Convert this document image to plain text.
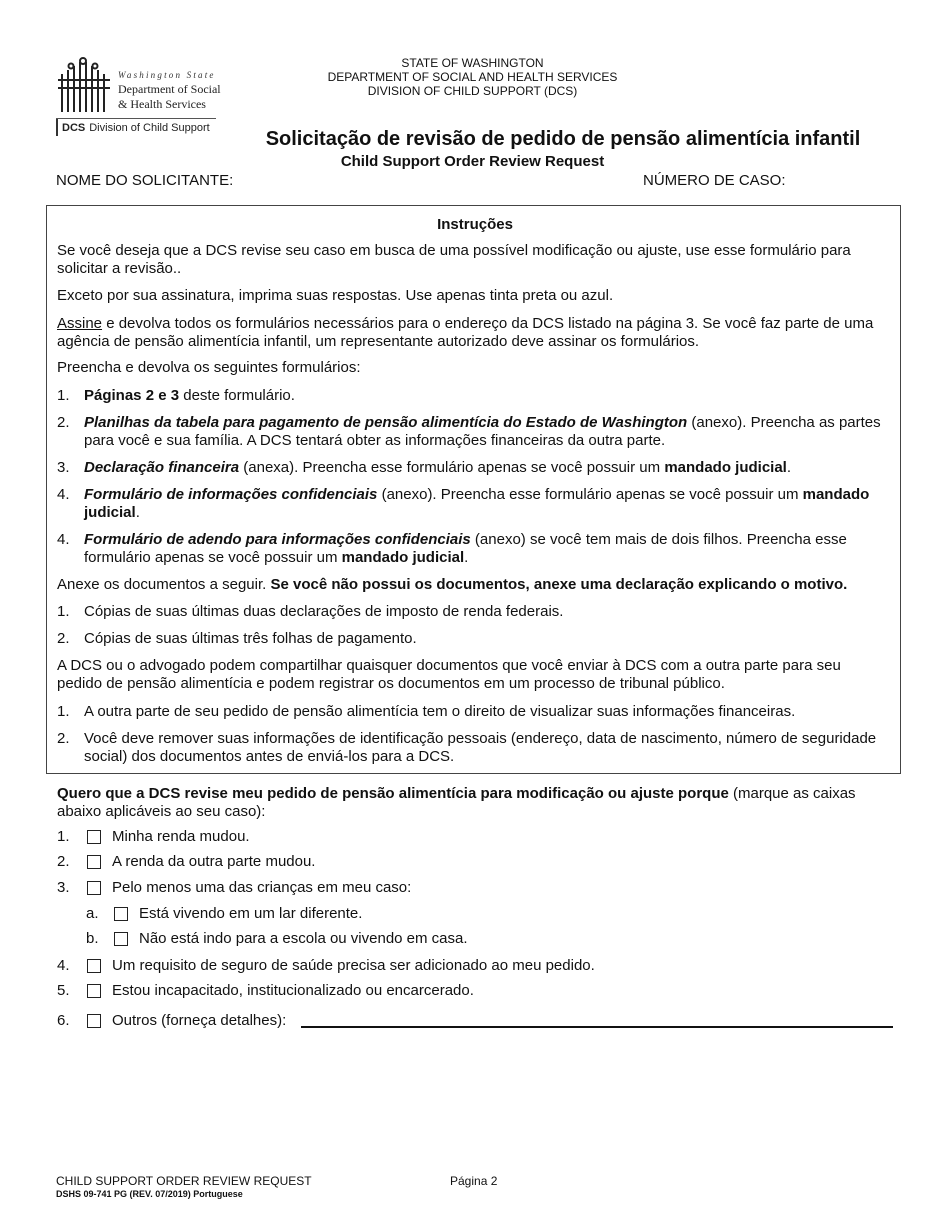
Washington State
Department of Social
& Health Services
DCS Division of Child Support
STATE OF WASHINGTON
DEPARTMENT OF SOCIAL AND HEALTH SERVICES
DIVISION OF CHILD SUPPORT (DCS)
Solicitação de revisão de pedido de pensão alimentícia infantil
Child Support Order Review Request
NOME DO SOLICITANTE:	NÚMERO DE CASO:
Instruções
Se você deseja que a DCS revise seu caso em busca de uma possível modificação ou ajuste, use esse formulário para solicitar a revisão..
Exceto por sua assinatura, imprima suas respostas. Use apenas tinta preta ou azul.
Assine e devolva todos os formulários necessários para o endereço da DCS listado na página 3. Se você faz parte de uma agência de pensão alimentícia infantil, um representante autorizado deve assinar os formulários.
Preencha e devolva os seguintes formulários:
1. Páginas 2 e 3 deste formulário.
2. Planilhas da tabela para pagamento de pensão alimentícia do Estado de Washington (anexo). Preencha as partes para você e sua família. A DCS tentará obter as informações financeiras da outra parte.
3. Declaração financeira (anexa). Preencha esse formulário apenas se você possuir um mandado judicial.
4. Formulário de informações confidenciais (anexo). Preencha esse formulário apenas se você possuir um mandado judicial.
4. Formulário de adendo para informações confidenciais (anexo) se você tem mais de dois filhos. Preencha esse formulário apenas se você possuir um mandado judicial.
Anexe os documentos a seguir. Se você não possui os documentos, anexe uma declaração explicando o motivo.
1. Cópias de suas últimas duas declarações de imposto de renda federais.
2. Cópias de suas últimas três folhas de pagamento.
A DCS ou o advogado podem compartilhar quaisquer documentos que você enviar à DCS com a outra parte para seu pedido de pensão alimentícia e podem registrar os documentos em um processo de tribunal público.
1. A outra parte de seu pedido de pensão alimentícia tem o direito de visualizar suas informações financeiras.
2. Você deve remover suas informações de identificação pessoais (endereço, data de nascimento, número de seguridade social) dos documentos antes de enviá-los para a DCS.
Quero que a DCS revise meu pedido de pensão alimentícia para modificação ou ajuste porque (marque as caixas abaixo aplicáveis ao seu caso):
1.	Minha renda mudou.
2.	A renda da outra parte mudou.
3.	Pelo menos uma das crianças em meu caso:
a.	Está vivendo em um lar diferente.
b.	Não está indo para a escola ou vivendo em casa.
4.	Um requisito de seguro de saúde precisa ser adicionado ao meu pedido.
5.	Estou incapacitado, institucionalizado ou encarcerado.
6.	Outros (forneça detalhes):
CHILD SUPPORT ORDER REVIEW REQUEST	Página 2
DSHS 09-741 PG (REV. 07/2019) Portuguese
